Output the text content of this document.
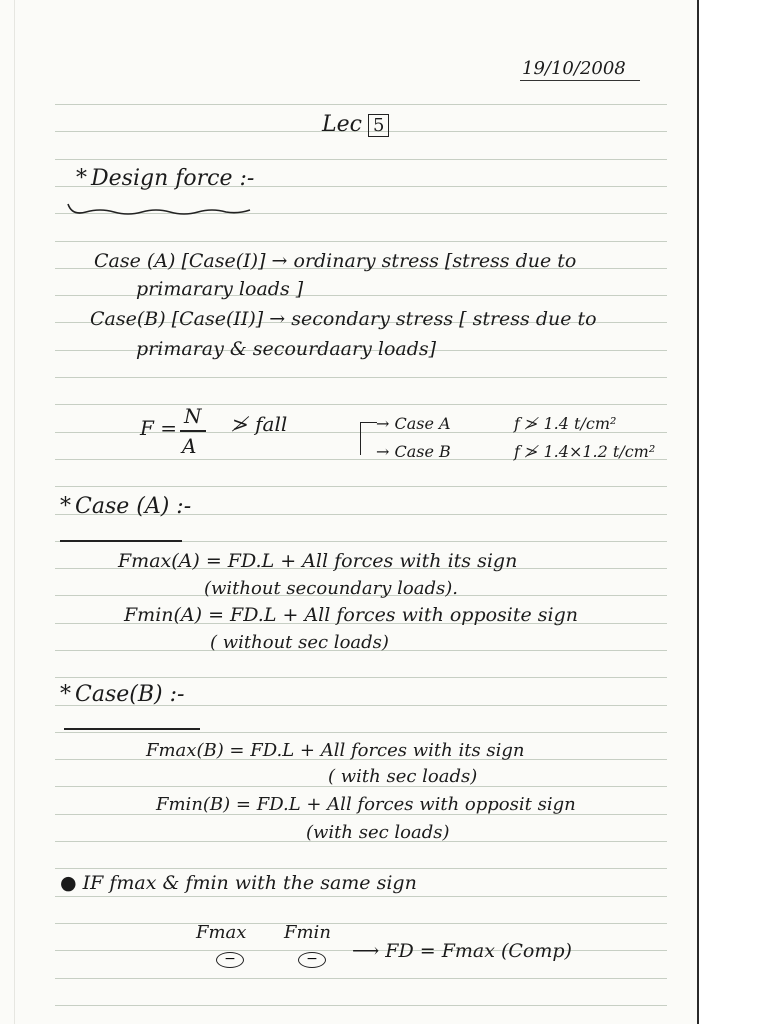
19/10/2008
Lec 5
* Design force :-
Case (A) [Case(I)] → ordinary stress [stress due to
primarary loads ]
Case(B) [Case(II)] → secondary stress [ stress due to
primaray & secourdaary loads]
F = N
A
≯ fall	→ Case A	f ≯ 1.4 t/cm²
→ Case B	f ≯ 1.4×1.2 t/cm²
* Case (A) :-
Fmax(A) = FD.L + All forces with its sign
(without secoundary loads).
Fmin(A) = FD.L + All forces with opposite sign
( without sec loads)
* Case(B) :-
Fmax(B) = FD.L + All forces with its sign
( with sec loads)
Fmin(B) = FD.L + All forces with opposit sign
(with sec loads)
● IF fmax & fmin with the same sign
Fmax Fmin
−	−	⟶ FD = Fmax (Comp)
